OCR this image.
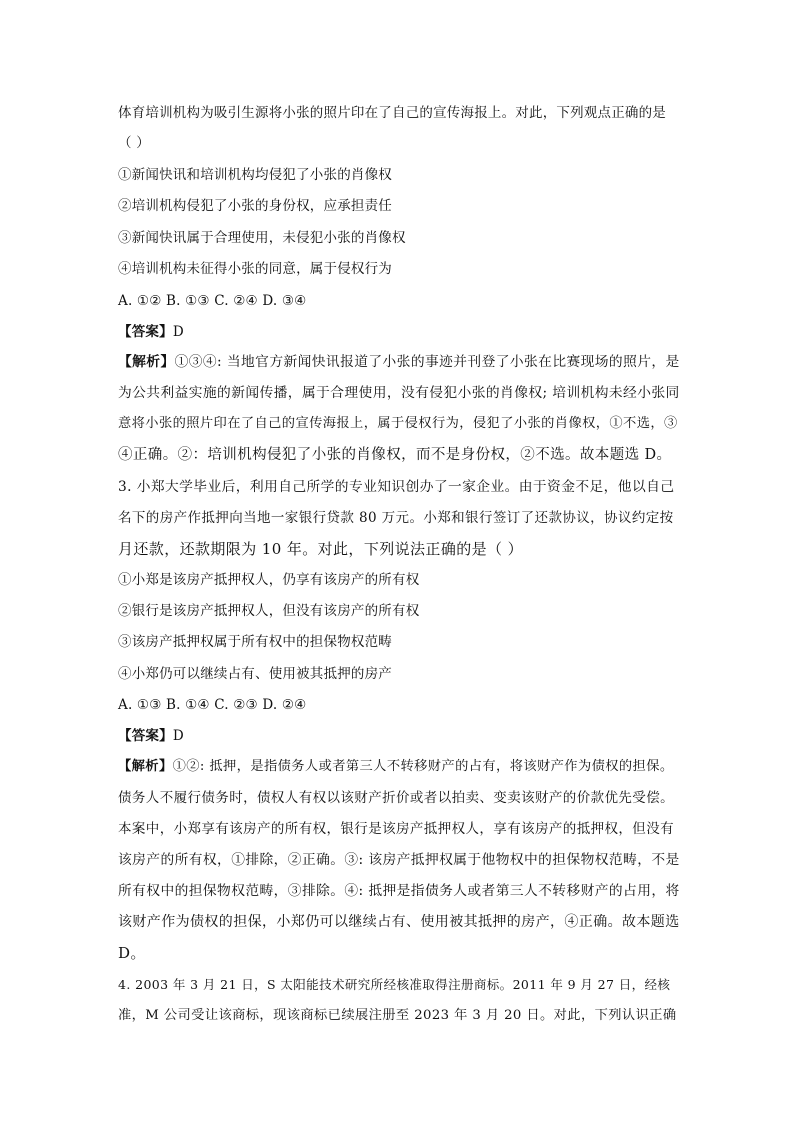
体育培训机构为吸引生源将小张的照片印在了自己的宣传海报上。对此，下列观点正确的是
（ ）
①新闻快讯和培训机构均侵犯了小张的肖像权
②培训机构侵犯了小张的身份权，应承担责任
③新闻快讯属于合理使用，未侵犯小张的肖像权
④培训机构未征得小张的同意，属于侵权行为
A. ①② B. ①③ C. ②④ D. ③④
【答案】D
【解析】①③④: 当地官方新闻快讯报道了小张的事迹并刊登了小张在比赛现场的照片，是
为公共利益实施的新闻传播，属于合理使用，没有侵犯小张的肖像权; 培训机构未经小张同
意将小张的照片印在了自己的宣传海报上，属于侵权行为，侵犯了小张的肖像权，①不选，③
④正确。②：培训机构侵犯了小张的肖像权，而不是身份权，②不选。故本题选 D。
3. 小郑大学毕业后，利用自己所学的专业知识创办了一家企业。由于资金不足，他以自己
名下的房产作抵押向当地一家银行贷款 80 万元。小郑和银行签订了还款协议，协议约定按
月还款，还款期限为 10 年。对此，下列说法正确的是（ ）
①小郑是该房产抵押权人，仍享有该房产的所有权
②银行是该房产抵押权人，但没有该房产的所有权
③该房产抵押权属于所有权中的担保物权范畴
④小郑仍可以继续占有、使用被其抵押的房产
A. ①③ B. ①④ C. ②③ D. ②④
【答案】D
【解析】①②: 抵押，是指债务人或者第三人不转移财产的占有，将该财产作为债权的担保。
债务人不履行债务时，债权人有权以该财产折价或者以拍卖、变卖该财产的价款优先受偿。
本案中，小郑享有该房产的所有权，银行是该房产抵押权人，享有该房产的抵押权，但没有
该房产的所有权，①排除，②正确。③: 该房产抵押权属于他物权中的担保物权范畴，不是
所有权中的担保物权范畴，③排除。④: 抵押是指债务人或者第三人不转移财产的占用，将
该财产作为债权的担保，小郑仍可以继续占有、使用被其抵押的房产，④正确。故本题选
D。
4. 2003 年 3 月 21 日，S 太阳能技术研究所经核准取得注册商标。2011 年 9 月 27 日，经核
准，M 公司受让该商标，现该商标已续展注册至 2023 年 3 月 20 日。对此，下列认识正确
